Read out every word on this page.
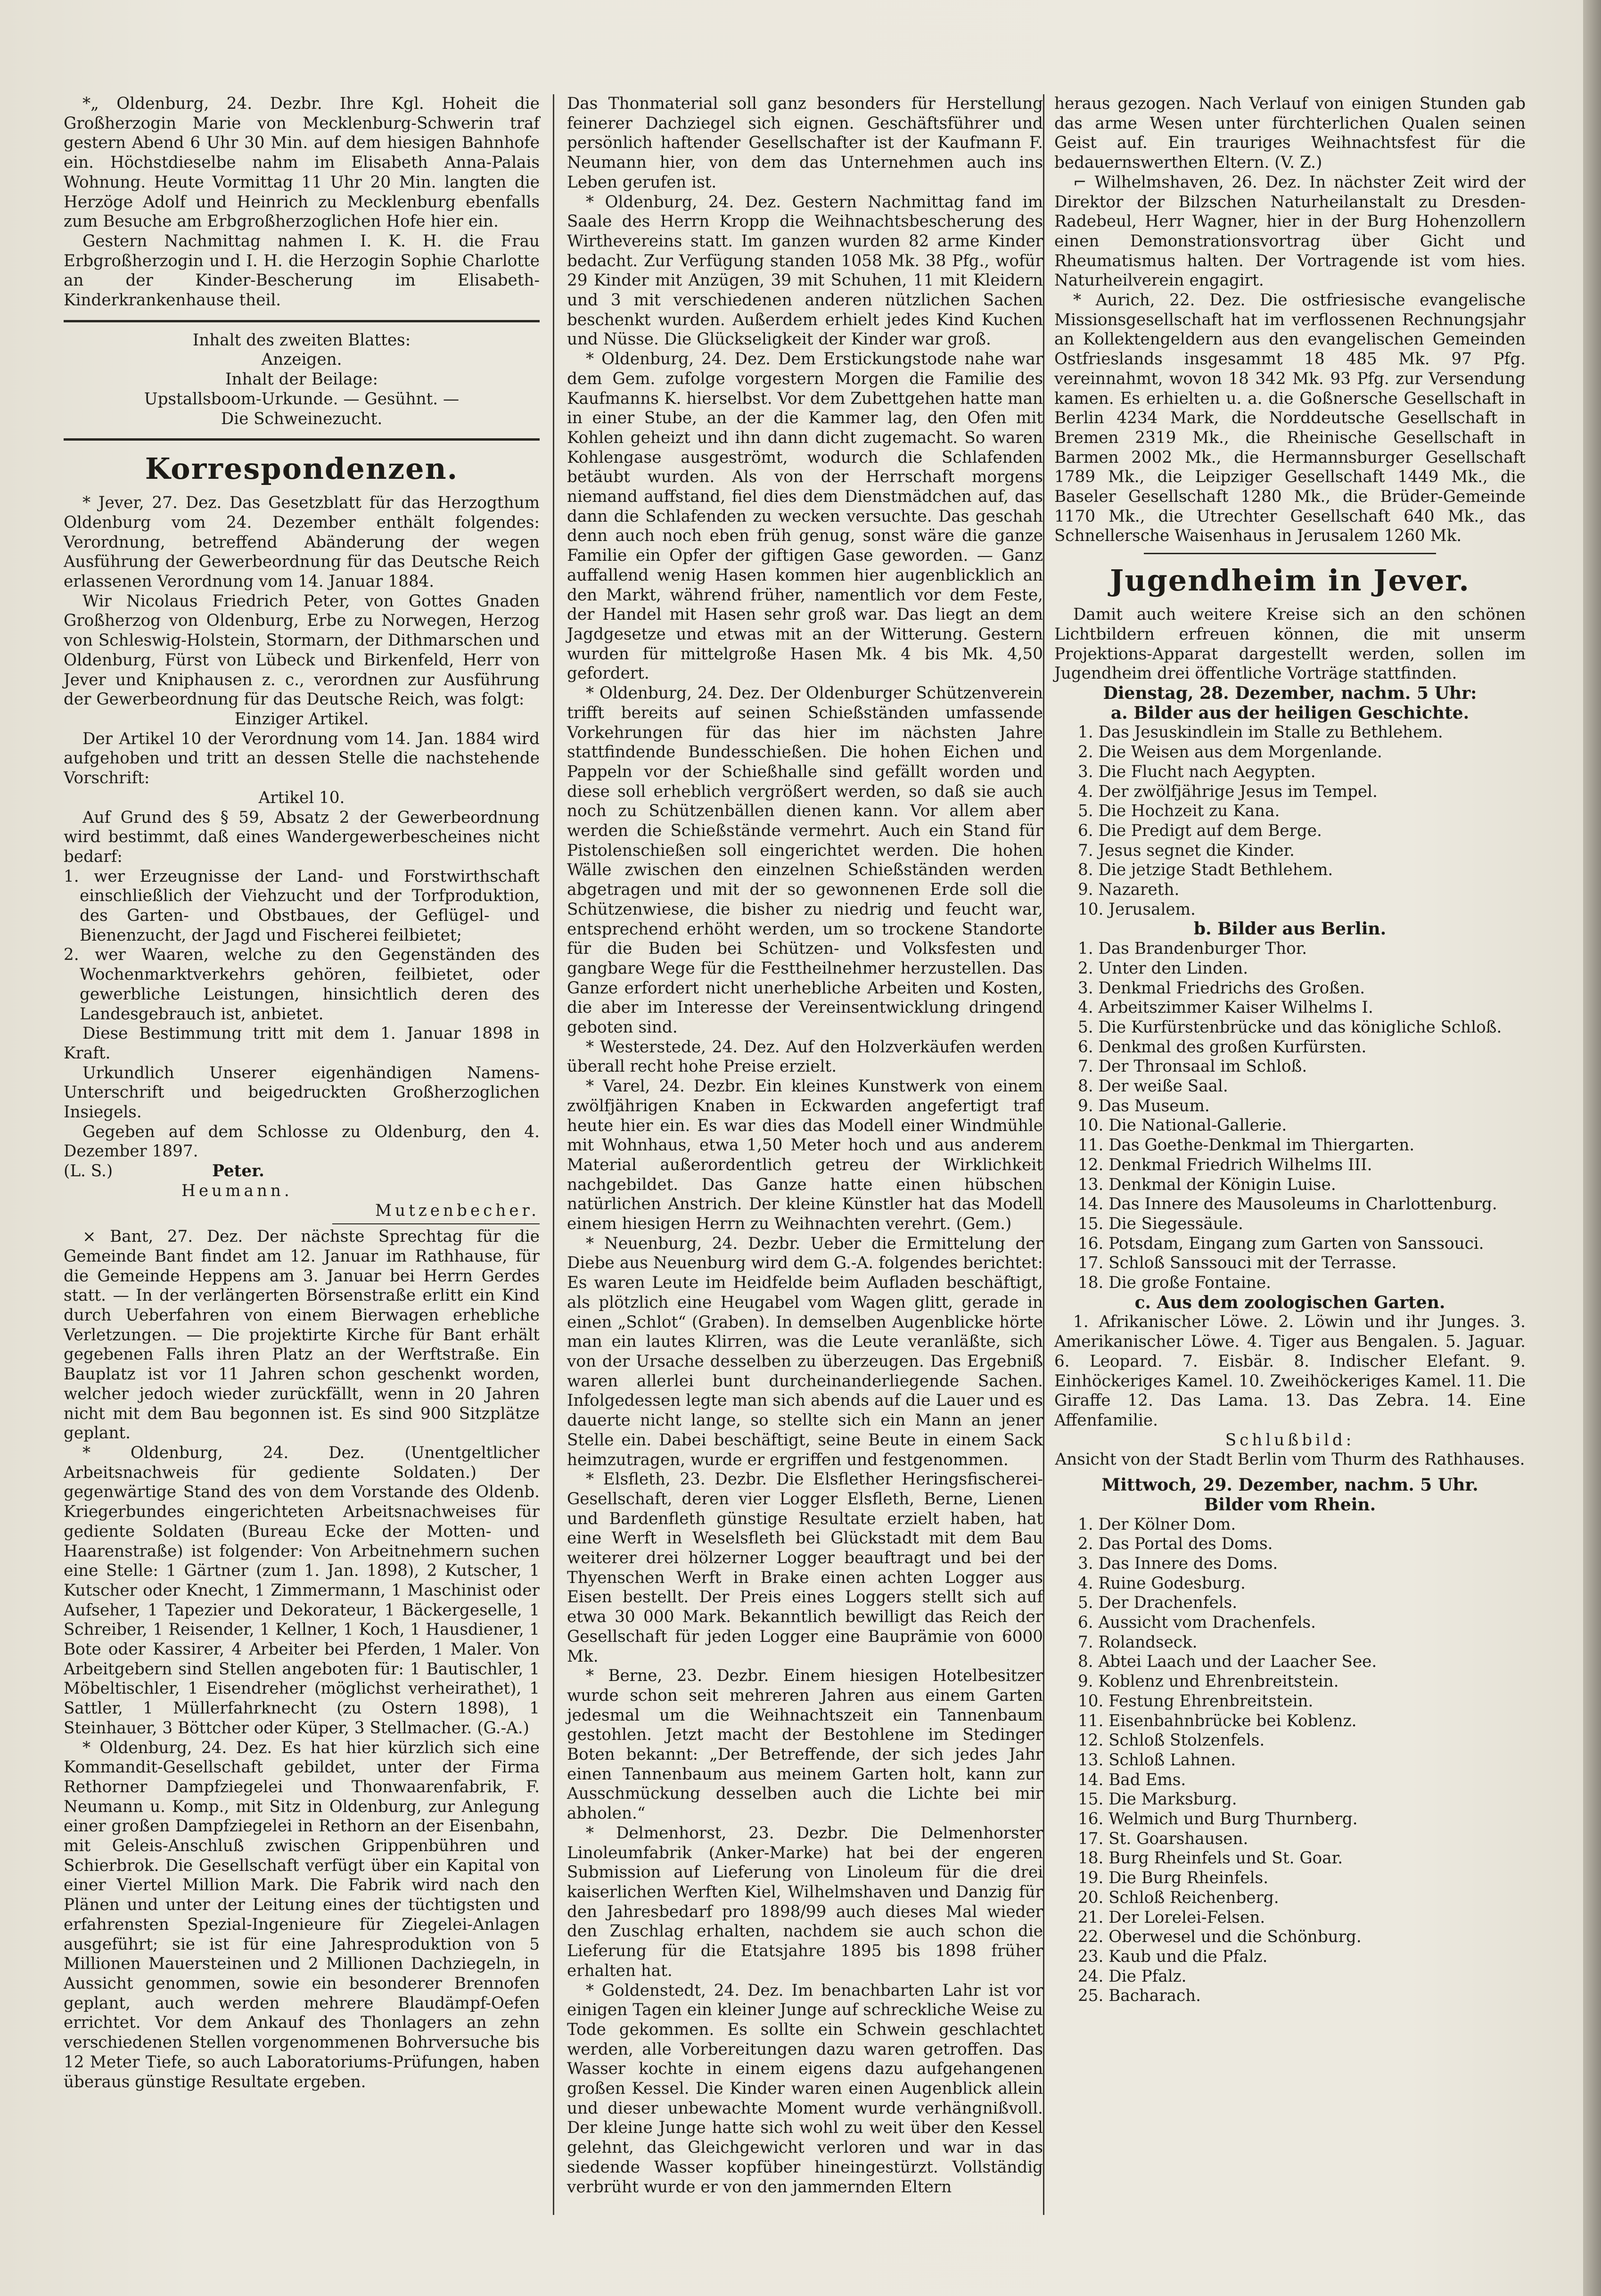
*„ Oldenburg, 24. Dezbr. Ihre Kgl. Hoheit die Großherzogin Marie von Mecklenburg-Schwerin traf gestern Abend 6 Uhr 30 Min. auf dem hiesigen Bahnhofe ein. Höchstdieselbe nahm im Elisabeth Anna-Palais Wohnung. Heute Vormittag 11 Uhr 20 Min. langten die Herzöge Adolf und Heinrich zu Mecklenburg ebenfalls zum Besuche am Erbgroßherzoglichen Hofe hier ein.

Gestern Nachmittag nahmen I. K. H. die Frau Erbgroßherzogin und I. H. die Herzogin Sophie Charlotte an der Kinder-Bescherung im Elisabeth-Kinderkrankenhause theil.

Inhalt des zweiten Blattes:

Anzeigen.

Inhalt der Beilage:

Upstallsboom-Urkunde. — Gesühnt. —

Die Schweinezucht.

Korrespondenzen.

* Jever, 27. Dez. Das Gesetzblatt für das Herzogthum Oldenburg vom 24. Dezember enthält folgendes: Verordnung, betreffend Abänderung der wegen Ausführung der Gewerbeordnung für das Deutsche Reich erlassenen Verordnung vom 14. Januar 1884.

Wir Nicolaus Friedrich Peter, von Gottes Gnaden Großherzog von Oldenburg, Erbe zu Norwegen, Herzog von Schleswig-Holstein, Stormarn, der Dithmarschen und Oldenburg, Fürst von Lübeck und Birkenfeld, Herr von Jever und Kniphausen z. c., verordnen zur Ausführung der Gewerbeordnung für das Deutsche Reich, was folgt:

Einziger Artikel.

Der Artikel 10 der Verordnung vom 14. Jan. 1884 wird aufgehoben und tritt an dessen Stelle die nachstehende Vorschrift:

Artikel 10.

Auf Grund des § 59, Absatz 2 der Gewerbeordnung wird bestimmt, daß eines Wandergewerbescheines nicht bedarf:

1. wer Erzeugnisse der Land- und Forstwirthschaft einschließlich der Viehzucht und der Torfproduktion, des Garten- und Obstbaues, der Geflügel- und Bienenzucht, der Jagd und Fischerei feilbietet;
2. wer Waaren, welche zu den Gegenständen des Wochenmarktverkehrs gehören, feilbietet, oder gewerbliche Leistungen, hinsichtlich deren des Landesgebrauch ist, anbietet.

Diese Bestimmung tritt mit dem 1. Januar 1898 in Kraft.

Urkundlich Unserer eigenhändigen Namens-Unterschrift und beigedruckten Großherzoglichen Insiegels.

Gegeben auf dem Schlosse zu Oldenburg, den 4. Dezember 1897.

(L. S.)	Peter.

Heumann.

Mutzenbecher.

⨯ Bant, 27. Dez. Der nächste Sprechtag für die Gemeinde Bant findet am 12. Januar im Rathhause, für die Gemeinde Heppens am 3. Januar bei Herrn Gerdes statt. — In der verlängerten Börsenstraße erlitt ein Kind durch Ueberfahren von einem Bierwagen erhebliche Verletzungen. — Die projektirte Kirche für Bant erhält gegebenen Falls ihren Platz an der Werftstraße. Ein Bauplatz ist vor 11 Jahren schon geschenkt worden, welcher jedoch wieder zurückfällt, wenn in 20 Jahren nicht mit dem Bau begonnen ist. Es sind 900 Sitzplätze geplant.

* Oldenburg, 24. Dez. (Unentgeltlicher Arbeitsnachweis für gediente Soldaten.) Der gegenwärtige Stand des von dem Vorstande des Oldenb. Kriegerbundes eingerichteten Arbeitsnachweises für gediente Soldaten (Bureau Ecke der Motten- und Haarenstraße) ist folgender: Von Arbeitnehmern suchen eine Stelle: 1 Gärtner (zum 1. Jan. 1898), 2 Kutscher, 1 Kutscher oder Knecht, 1 Zimmermann, 1 Maschinist oder Aufseher, 1 Tapezier und Dekorateur, 1 Bäckergeselle, 1 Schreiber, 1 Reisender, 1 Kellner, 1 Koch, 1 Hausdiener, 1 Bote oder Kassirer, 4 Arbeiter bei Pferden, 1 Maler. Von Arbeitgebern sind Stellen angeboten für: 1 Bautischler, 1 Möbeltischler, 1 Eisendreher (möglichst verheirathet), 1 Sattler, 1 Müllerfahrknecht (zu Ostern 1898), 1 Steinhauer, 3 Böttcher oder Küper, 3 Stellmacher. (G.-A.)

* Oldenburg, 24. Dez. Es hat hier kürzlich sich eine Kommandit-Gesellschaft gebildet, unter der Firma Rethorner Dampfziegelei und Thonwaarenfabrik, F. Neumann u. Komp., mit Sitz in Oldenburg, zur Anlegung einer großen Dampfziegelei in Rethorn an der Eisenbahn, mit Geleis-Anschluß zwischen Grippenbühren und Schierbrok. Die Gesellschaft verfügt über ein Kapital von einer Viertel Million Mark. Die Fabrik wird nach den Plänen und unter der Leitung eines der tüchtigsten und erfahrensten Spezial-Ingenieure für Ziegelei-Anlagen ausgeführt; sie ist für eine Jahresproduktion von 5 Millionen Mauersteinen und 2 Millionen Dachziegeln, in Aussicht genommen, sowie ein besonderer Brennofen geplant, auch werden mehrere Blaudämpf-Oefen errichtet. Vor dem Ankauf des Thonlagers an zehn verschiedenen Stellen vorgenommenen Bohrversuche bis 12 Meter Tiefe, so auch Laboratoriums-Prüfungen, haben überaus günstige Resultate ergeben.

Das Thonmaterial soll ganz besonders für Herstellung feinerer Dachziegel sich eignen. Geschäftsführer und persönlich haftender Gesellschafter ist der Kaufmann F. Neumann hier, von dem das Unternehmen auch ins Leben gerufen ist.

* Oldenburg, 24. Dez. Gestern Nachmittag fand im Saale des Herrn Kropp die Weihnachtsbescherung des Wirthevereins statt. Im ganzen wurden 82 arme Kinder bedacht. Zur Verfügung standen 1058 Mk. 38 Pfg., wofür 29 Kinder mit Anzügen, 39 mit Schuhen, 11 mit Kleidern und 3 mit verschiedenen anderen nützlichen Sachen beschenkt wurden. Außerdem erhielt jedes Kind Kuchen und Nüsse. Die Glückseligkeit der Kinder war groß.

* Oldenburg, 24. Dez. Dem Erstickungstode nahe war dem Gem. zufolge vorgestern Morgen die Familie des Kaufmanns K. hierselbst. Vor dem Zubettgehen hatte man in einer Stube, an der die Kammer lag, den Ofen mit Kohlen geheizt und ihn dann dicht zugemacht. So waren Kohlengase ausgeströmt, wodurch die Schlafenden betäubt wurden. Als von der Herrschaft morgens niemand auffstand, fiel dies dem Dienstmädchen auf, das dann die Schlafenden zu wecken versuchte. Das geschah denn auch noch eben früh genug, sonst wäre die ganze Familie ein Opfer der giftigen Gase geworden. — Ganz auffallend wenig Hasen kommen hier augenblicklich an den Markt, während früher, namentlich vor dem Feste, der Handel mit Hasen sehr groß war. Das liegt an dem Jagdgesetze und etwas mit an der Witterung. Gestern wurden für mittelgroße Hasen Mk. 4 bis Mk. 4,50 gefordert.

* Oldenburg, 24. Dez. Der Oldenburger Schützenverein trifft bereits auf seinen Schießständen umfassende Vorkehrungen für das hier im nächsten Jahre stattfindende Bundesschießen. Die hohen Eichen und Pappeln vor der Schießhalle sind gefällt worden und diese soll erheblich vergrößert werden, so daß sie auch noch zu Schützenbällen dienen kann. Vor allem aber werden die Schießstände vermehrt. Auch ein Stand für Pistolenschießen soll eingerichtet werden. Die hohen Wälle zwischen den einzelnen Schießständen werden abgetragen und mit der so gewonnenen Erde soll die Schützenwiese, die bisher zu niedrig und feucht war, entsprechend erhöht werden, um so trockene Standorte für die Buden bei Schützen- und Volksfesten und gangbare Wege für die Festtheilnehmer herzustellen. Das Ganze erfordert nicht unerhebliche Arbeiten und Kosten, die aber im Interesse der Vereinsentwicklung dringend geboten sind.

* Westerstede, 24. Dez. Auf den Holzverkäufen werden überall recht hohe Preise erzielt.

* Varel, 24. Dezbr. Ein kleines Kunstwerk von einem zwölfjährigen Knaben in Eckwarden angefertigt traf heute hier ein. Es war dies das Modell einer Windmühle mit Wohnhaus, etwa 1,50 Meter hoch und aus anderem Material außerordentlich getreu der Wirklichkeit nachgebildet. Das Ganze hatte einen hübschen natürlichen Anstrich. Der kleine Künstler hat das Modell einem hiesigen Herrn zu Weihnachten verehrt. (Gem.)

* Neuenburg, 24. Dezbr. Ueber die Ermittelung der Diebe aus Neuenburg wird dem G.-A. folgendes berichtet: Es waren Leute im Heidfelde beim Aufladen beschäftigt, als plötzlich eine Heugabel vom Wagen glitt, gerade in einen „Schlot“ (Graben). In demselben Augenblicke hörte man ein lautes Klirren, was die Leute veranläßte, sich von der Ursache desselben zu überzeugen. Das Ergebniß waren allerlei bunt durcheinanderliegende Sachen. Infolgedessen legte man sich abends auf die Lauer und es dauerte nicht lange, so stellte sich ein Mann an jener Stelle ein. Dabei beschäftigt, seine Beute in einem Sack heimzutragen, wurde er ergriffen und festgenommen.

* Elsfleth, 23. Dezbr. Die Elsflether Heringsfischerei-Gesellschaft, deren vier Logger Elsfleth, Berne, Lienen und Bardenfleth günstige Resultate erzielt haben, hat eine Werft in Weselsfleth bei Glückstadt mit dem Bau weiterer drei hölzerner Logger beauftragt und bei der Thyenschen Werft in Brake einen achten Logger aus Eisen bestellt. Der Preis eines Loggers stellt sich auf etwa 30 000 Mark. Bekanntlich bewilligt das Reich der Gesellschaft für jeden Logger eine Bauprämie von 6000 Mk.

* Berne, 23. Dezbr. Einem hiesigen Hotelbesitzer wurde schon seit mehreren Jahren aus einem Garten jedesmal um die Weihnachtszeit ein Tannenbaum gestohlen. Jetzt macht der Bestohlene im Stedinger Boten bekannt: „Der Betreffende, der sich jedes Jahr einen Tannenbaum aus meinem Garten holt, kann zur Ausschmückung desselben auch die Lichte bei mir abholen.“

* Delmenhorst, 23. Dezbr. Die Delmenhorster Linoleumfabrik (Anker-Marke) hat bei der engeren Submission auf Lieferung von Linoleum für die drei kaiserlichen Werften Kiel, Wilhelmshaven und Danzig für den Jahresbedarf pro 1898/99 auch dieses Mal wieder den Zuschlag erhalten, nachdem sie auch schon die Lieferung für die Etatsjahre 1895 bis 1898 früher erhalten hat.

* Goldenstedt, 24. Dez. Im benachbarten Lahr ist vor einigen Tagen ein kleiner Junge auf schreckliche Weise zu Tode gekommen. Es sollte ein Schwein geschlachtet werden, alle Vorbereitungen dazu waren getroffen. Das Wasser kochte in einem eigens dazu aufgehangenen großen Kessel. Die Kinder waren einen Augenblick allein und dieser unbewachte Moment wurde verhängnißvoll. Der kleine Junge hatte sich wohl zu weit über den Kessel gelehnt, das Gleichgewicht verloren und war in das siedende Wasser kopfüber hineingestürzt. Vollständig verbrüht wurde er von den jammernden Eltern

heraus gezogen. Nach Verlauf von einigen Stunden gab das arme Wesen unter fürchterlichen Qualen seinen Geist auf. Ein trauriges Weihnachtsfest für die bedauernswerthen Eltern. (V. Z.)

⌐ Wilhelmshaven, 26. Dez. In nächster Zeit wird der Direktor der Bilzschen Naturheilanstalt zu Dresden-Radebeul, Herr Wagner, hier in der Burg Hohenzollern einen Demonstrationsvortrag über Gicht und Rheumatismus halten. Der Vortragende ist vom hies. Naturheilverein engagirt.

* Aurich, 22. Dez. Die ostfriesische evangelische Missionsgesellschaft hat im verflossenen Rechnungsjahr an Kollektengeldern aus den evangelischen Gemeinden Ostfrieslands insgesammt 18 485 Mk. 97 Pfg. vereinnahmt, wovon 18 342 Mk. 93 Pfg. zur Versendung kamen. Es erhielten u. a. die Goßnersche Gesellschaft in Berlin 4234 Mark, die Norddeutsche Gesellschaft in Bremen 2319 Mk., die Rheinische Gesellschaft in Barmen 2002 Mk., die Hermannsburger Gesellschaft 1789 Mk., die Leipziger Gesellschaft 1449 Mk., die Baseler Gesellschaft 1280 Mk., die Brüder-Gemeinde 1170 Mk., die Utrechter Gesellschaft 640 Mk., das Schnellersche Waisenhaus in Jerusalem 1260 Mk.

Jugendheim in Jever.

Damit auch weitere Kreise sich an den schönen Lichtbildern erfreuen können, die mit unserm Projektions-Apparat dargestellt werden, sollen im Jugendheim drei öffentliche Vorträge stattfinden.

Dienstag, 28. Dezember, nachm. 5 Uhr:

a. Bilder aus der heiligen Geschichte.

1. Das Jesuskindlein im Stalle zu Bethlehem.
2. Die Weisen aus dem Morgenlande.
3. Die Flucht nach Aegypten.
4. Der zwölfjährige Jesus im Tempel.
5. Die Hochzeit zu Kana.
6. Die Predigt auf dem Berge.
7. Jesus segnet die Kinder.
8. Die jetzige Stadt Bethlehem.
9. Nazareth.
10. Jerusalem.

b. Bilder aus Berlin.

1. Das Brandenburger Thor.
2. Unter den Linden.
3. Denkmal Friedrichs des Großen.
4. Arbeitszimmer Kaiser Wilhelms I.
5. Die Kurfürstenbrücke und das königliche Schloß.
6. Denkmal des großen Kurfürsten.
7. Der Thronsaal im Schloß.
8. Der weiße Saal.
9. Das Museum.
10. Die National-Gallerie.
11. Das Goethe-Denkmal im Thiergarten.
12. Denkmal Friedrich Wilhelms III.
13. Denkmal der Königin Luise.
14. Das Innere des Mausoleums in Charlottenburg.
15. Die Siegessäule.
16. Potsdam, Eingang zum Garten von Sanssouci.
17. Schloß Sanssouci mit der Terrasse.
18. Die große Fontaine.

c. Aus dem zoologischen Garten.

1. Afrikanischer Löwe. 2. Löwin und ihr Junges. 3. Amerikanischer Löwe. 4. Tiger aus Bengalen. 5. Jaguar. 6. Leopard. 7. Eisbär. 8. Indischer Elefant. 9. Einhöckeriges Kamel. 10. Zweihöckeriges Kamel. 11. Die Giraffe 12. Das Lama. 13. Das Zebra. 14. Eine Affenfamilie.

Schlußbild:

Ansicht von der Stadt Berlin vom Thurm des Rathhauses.

Mittwoch, 29. Dezember, nachm. 5 Uhr.

Bilder vom Rhein.

1. Der Kölner Dom.
2. Das Portal des Doms.
3. Das Innere des Doms.
4. Ruine Godesburg.
5. Der Drachenfels.
6. Aussicht vom Drachenfels.
7. Rolandseck.
8. Abtei Laach und der Laacher See.
9. Koblenz und Ehrenbreitstein.
10. Festung Ehrenbreitstein.
11. Eisenbahnbrücke bei Koblenz.
12. Schloß Stolzenfels.
13. Schloß Lahnen.
14. Bad Ems.
15. Die Marksburg.
16. Welmich und Burg Thurnberg.
17. St. Goarshausen.
18. Burg Rheinfels und St. Goar.
19. Die Burg Rheinfels.
20. Schloß Reichenberg.
21. Der Lorelei-Felsen.
22. Oberwesel und die Schönburg.
23. Kaub und die Pfalz.
24. Die Pfalz.
25. Bacharach.
